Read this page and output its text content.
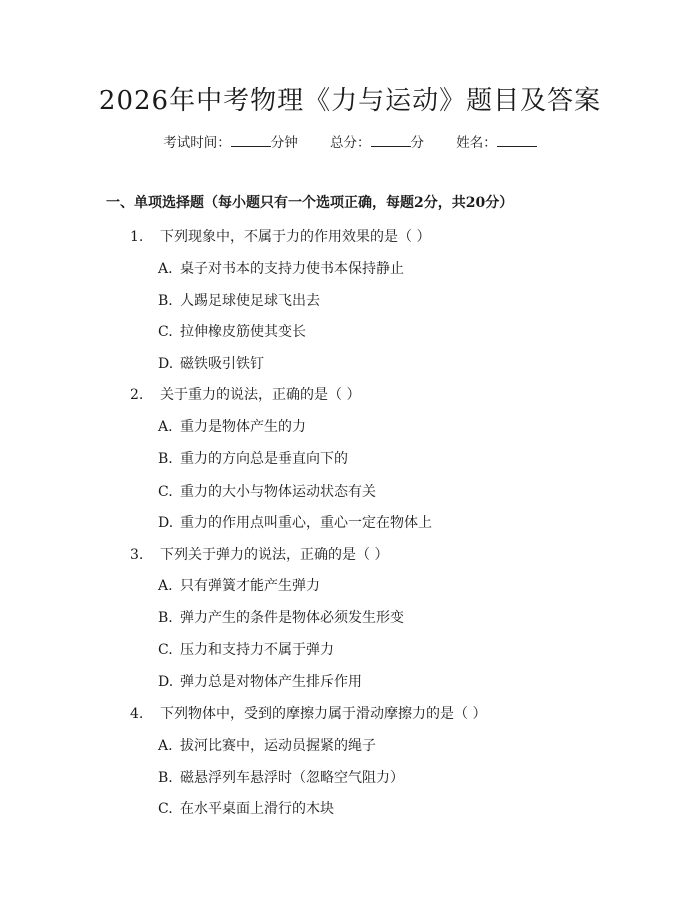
2026年中考物理《力与运动》题目及答案
考试时间：	分钟 总分：	分 姓名：
一、单项选择题（每小题只有一个选项正确，每题2分，共20分）
1. 下列现象中，不属于力的作用效果的是（ ）
A. 桌子对书本的支持力使书本保持静止
B. 人踢足球使足球飞出去
C. 拉伸橡皮筋使其变长
D. 磁铁吸引铁钉
2. 关于重力的说法，正确的是（ ）
A. 重力是物体产生的力
B. 重力的方向总是垂直向下的
C. 重力的大小与物体运动状态有关
D. 重力的作用点叫重心，重心一定在物体上
3. 下列关于弹力的说法，正确的是（ ）
A. 只有弹簧才能产生弹力
B. 弹力产生的条件是物体必须发生形变
C. 压力和支持力不属于弹力
D. 弹力总是对物体产生排斥作用
4. 下列物体中，受到的摩擦力属于滑动摩擦力的是（ ）
A. 拔河比赛中，运动员握紧的绳子
B. 磁悬浮列车悬浮时（忽略空气阻力）
C. 在水平桌面上滑行的木块
